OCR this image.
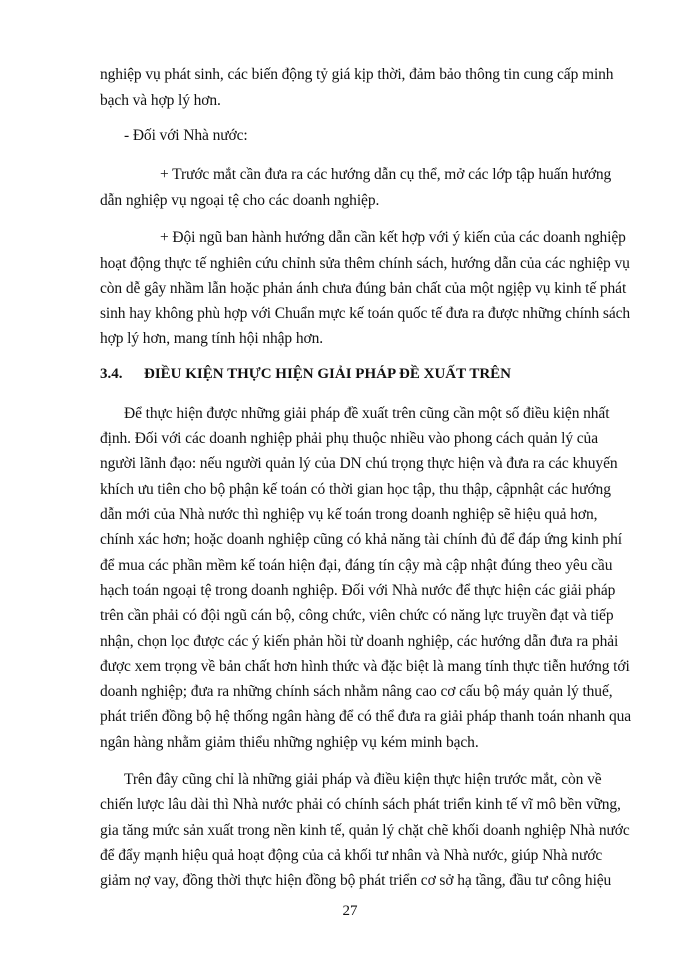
nghiệp vụ phát sinh, các biến động tỷ giá kịp thời, đảm bảo thông tin cung cấp minh
bạch và hợp lý hơn.
- Đối với Nhà nước:
+ Trước mắt cần đưa ra các hướng dẫn cụ thể, mở các lớp tập huấn hướng
dẫn nghiệp vụ ngoại tệ cho các doanh nghiệp.
+ Đội ngũ ban hành hướng dẫn cần kết hợp với ý kiến của các doanh nghiệp
hoạt động thực tế nghiên cứu chỉnh sửa thêm chính sách, hướng dẫn của các nghiệp vụ
còn dễ gây nhầm lẫn hoặc phản ánh chưa đúng bản chất của một ngịệp vụ kinh tế phát
sinh hay không phù hợp với Chuẩn mực kế toán quốc tế đưa ra được những chính sách
hợp lý hơn, mang tính hội nhập hơn.
3.4. ĐIỀU KIỆN THỰC HIỆN GIẢI PHÁP ĐỀ XUẤT TRÊN
Để thực hiện được những giải pháp đề xuất trên cũng cần một số điều kiện nhất
định. Đối với các doanh nghiệp phải phụ thuộc nhiều vào phong cách quản lý của
người lãnh đạo: nếu người quản lý của DN chú trọng thực hiện và đưa ra các khuyến
khích ưu tiên cho bộ phận kế toán có thời gian học tập, thu thập, cậpnhật các hướng
dẫn mới của Nhà nước thì nghiệp vụ kế toán trong doanh nghiệp sẽ hiệu quả hơn,
chính xác hơn; hoặc doanh nghiệp cũng có khả năng tài chính đủ để đáp ứng kinh phí
để mua các phần mềm kế toán hiện đại, đáng tín cậy mà cập nhật đúng theo yêu cầu
hạch toán ngoại tệ trong doanh nghiệp. Đối với Nhà nước để thực hiện các giải pháp
trên cần phải có đội ngũ cán bộ, công chức, viên chức có năng lực truyền đạt và tiếp
nhận, chọn lọc được các ý kiến phản hồi từ doanh nghiệp, các hướng dẫn đưa ra phải
được xem trọng về bản chất hơn hình thức và đặc biệt là mang tính thực tiễn hướng tới
doanh nghiệp; đưa ra những chính sách nhằm nâng cao cơ cấu bộ máy quản lý thuế,
phát triển đồng bộ hệ thống ngân hàng để có thể đưa ra giải pháp thanh toán nhanh qua
ngân hàng nhằm giảm thiểu những nghiệp vụ kém minh bạch.
Trên đây cũng chỉ là những giải pháp và điều kiện thực hiện trước mắt, còn về
chiến lược lâu dài thì Nhà nước phải có chính sách phát triển kinh tế vĩ mô bền vững,
gia tăng mức sản xuất trong nền kinh tế, quản lý chặt chẽ khối doanh nghiệp Nhà nước
để đẩy mạnh hiệu quả hoạt động của cả khối tư nhân và Nhà nước, giúp Nhà nước
giảm nợ vay, đồng thời thực hiện đồng bộ phát triển cơ sở hạ tầng, đầu tư công hiệu
27
